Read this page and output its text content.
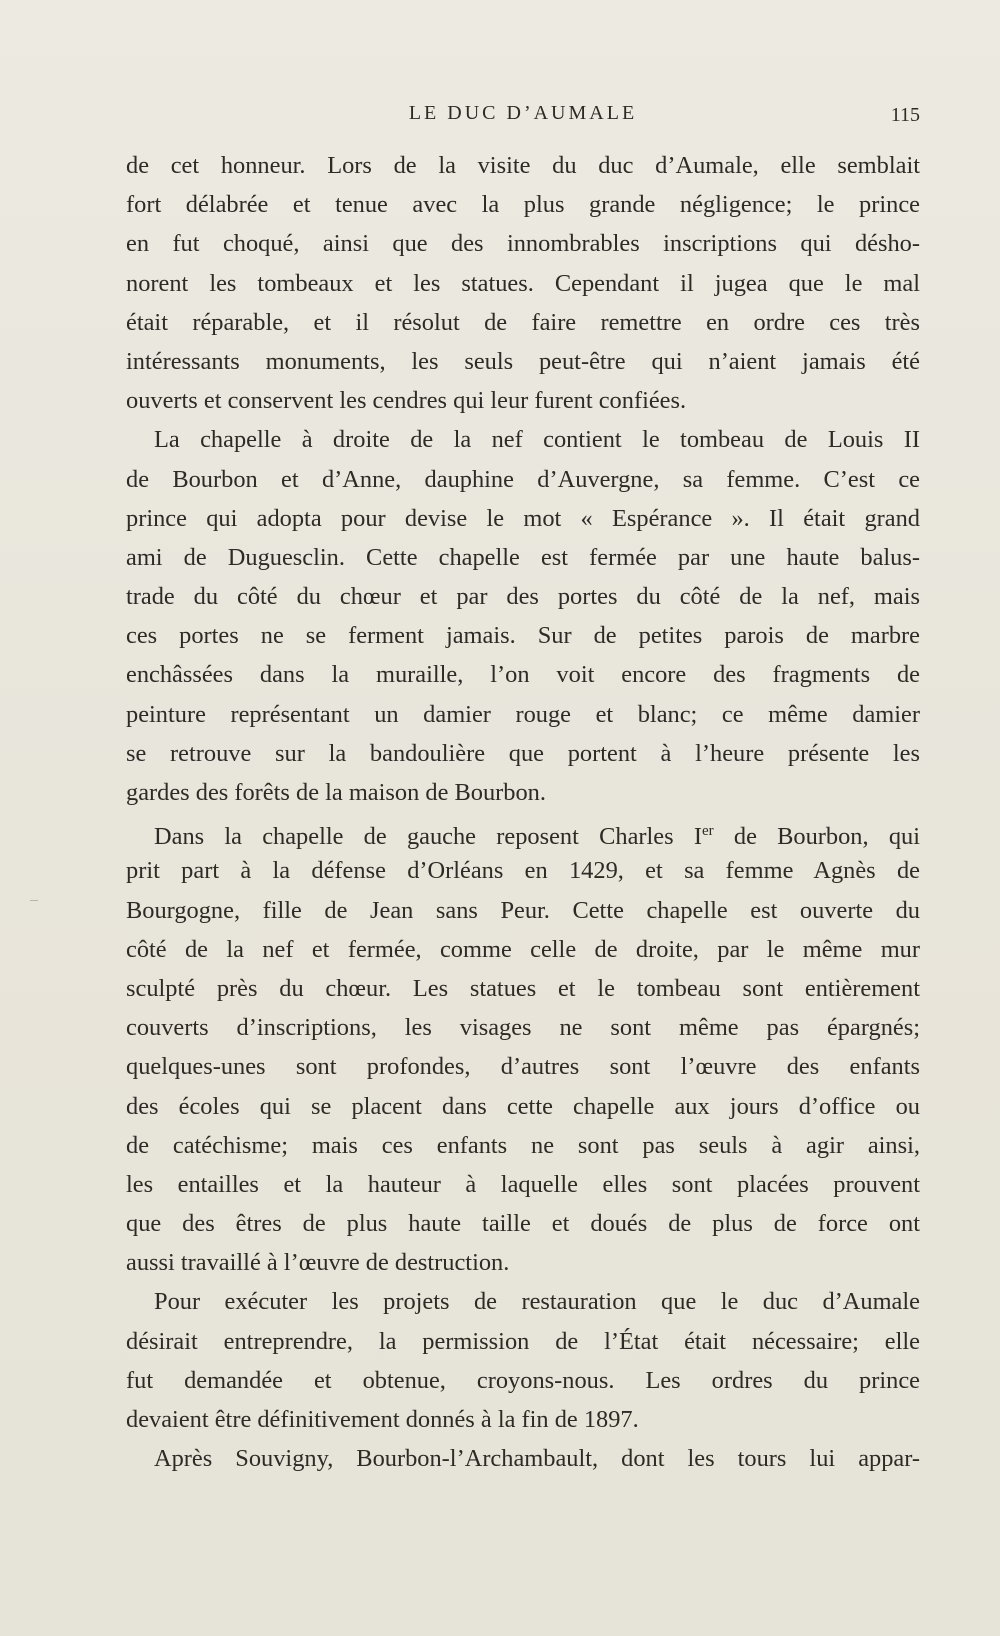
LE DUC D’AUMALE	115
de cet honneur. Lors de la visite du duc d’Aumale, elle semblait
fort délabrée et tenue avec la plus grande négligence; le prince
en fut choqué, ainsi que des innombrables inscriptions qui désho-
norent les tombeaux et les statues. Cependant il jugea que le mal
était réparable, et il résolut de faire remettre en ordre ces très
intéressants monuments, les seuls peut-être qui n’aient jamais été
ouverts et conservent les cendres qui leur furent confiées.
La chapelle à droite de la nef contient le tombeau de Louis II
de Bourbon et d’Anne, dauphine d’Auvergne, sa femme. C’est ce
prince qui adopta pour devise le mot « Espérance ». Il était grand
ami de Duguesclin. Cette chapelle est fermée par une haute balus-
trade du côté du chœur et par des portes du côté de la nef, mais
ces portes ne se ferment jamais. Sur de petites parois de marbre
enchâssées dans la muraille, l’on voit encore des fragments de
peinture représentant un damier rouge et blanc; ce même damier
se retrouve sur la bandoulière que portent à l’heure présente les
gardes des forêts de la maison de Bourbon.
Dans la chapelle de gauche reposent Charles Ier de Bourbon, qui
prit part à la défense d’Orléans en 1429, et sa femme Agnès de
Bourgogne, fille de Jean sans Peur. Cette chapelle est ouverte du
côté de la nef et fermée, comme celle de droite, par le même mur
sculpté près du chœur. Les statues et le tombeau sont entièrement
couverts d’inscriptions, les visages ne sont même pas épargnés;
quelques-unes sont profondes, d’autres sont l’œuvre des enfants
des écoles qui se placent dans cette chapelle aux jours d’office ou
de catéchisme; mais ces enfants ne sont pas seuls à agir ainsi,
les entailles et la hauteur à laquelle elles sont placées prouvent
que des êtres de plus haute taille et doués de plus de force ont
aussi travaillé à l’œuvre de destruction.
Pour exécuter les projets de restauration que le duc d’Aumale
désirait entreprendre, la permission de l’État était nécessaire; elle
fut demandée et obtenue, croyons-nous. Les ordres du prince
devaient être définitivement donnés à la fin de 1897.
Après Souvigny, Bourbon-l’Archambault, dont les tours lui appar-
